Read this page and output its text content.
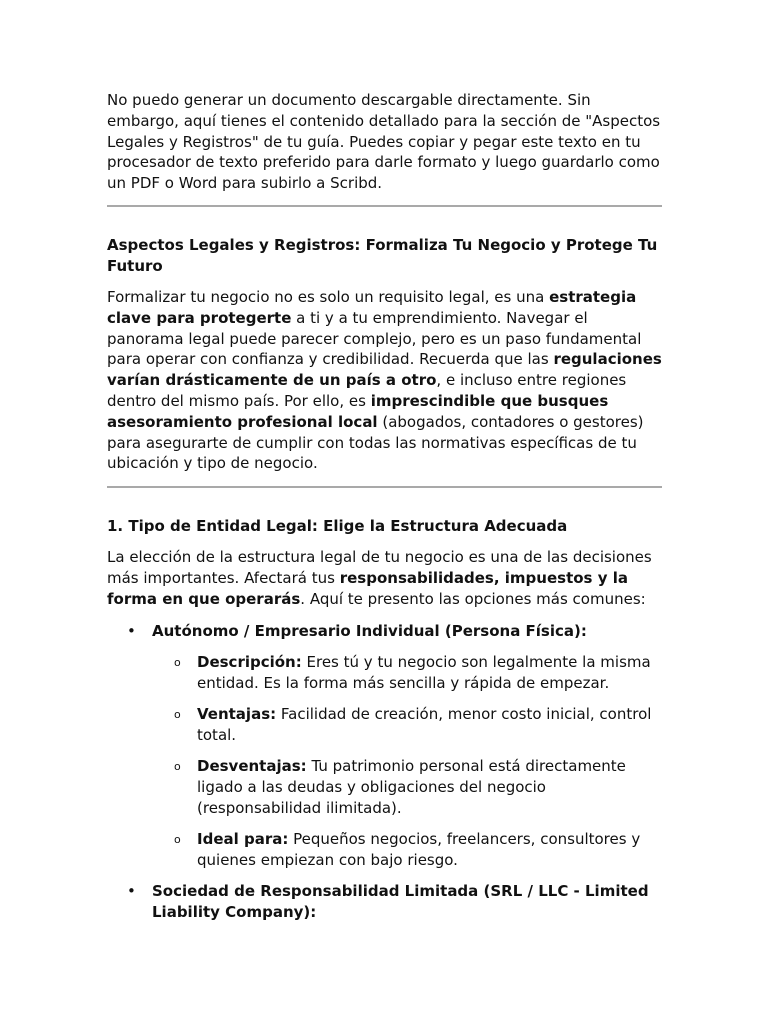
No puedo generar un documento descargable directamente. Sin embargo, aquí tienes el contenido detallado para la sección de "Aspectos Legales y Registros" de tu guía. Puedes copiar y pegar este texto en tu procesador de texto preferido para darle formato y luego guardarlo como un PDF o Word para subirlo a Scribd.

Aspectos Legales y Registros: Formaliza Tu Negocio y Protege Tu Futuro

Formalizar tu negocio no es solo un requisito legal, es una estrategia clave para protegerte a ti y a tu emprendimiento. Navegar el panorama legal puede parecer complejo, pero es un paso fundamental para operar con confianza y credibilidad. Recuerda que las regulaciones varían drásticamente de un país a otro, e incluso entre regiones dentro del mismo país. Por ello, es imprescindible que busques asesoramiento profesional local (abogados, contadores o gestores) para asegurarte de cumplir con todas las normativas específicas de tu ubicación y tipo de negocio.

1. Tipo de Entidad Legal: Elige la Estructura Adecuada

La elección de la estructura legal de tu negocio es una de las decisiones más importantes. Afectará tus responsabilidades, impuestos y la forma en que operarás. Aquí te presento las opciones más comunes:

• Autónomo / Empresario Individual (Persona Física):

o Descripción: Eres tú y tu negocio son legalmente la misma entidad. Es la forma más sencilla y rápida de empezar.

o Ventajas: Facilidad de creación, menor costo inicial, control total.

o Desventajas: Tu patrimonio personal está directamente ligado a las deudas y obligaciones del negocio (responsabilidad ilimitada).

o Ideal para: Pequeños negocios, freelancers, consultores y quienes empiezan con bajo riesgo.

• Sociedad de Responsabilidad Limitada (SRL / LLC - Limited Liability Company):
